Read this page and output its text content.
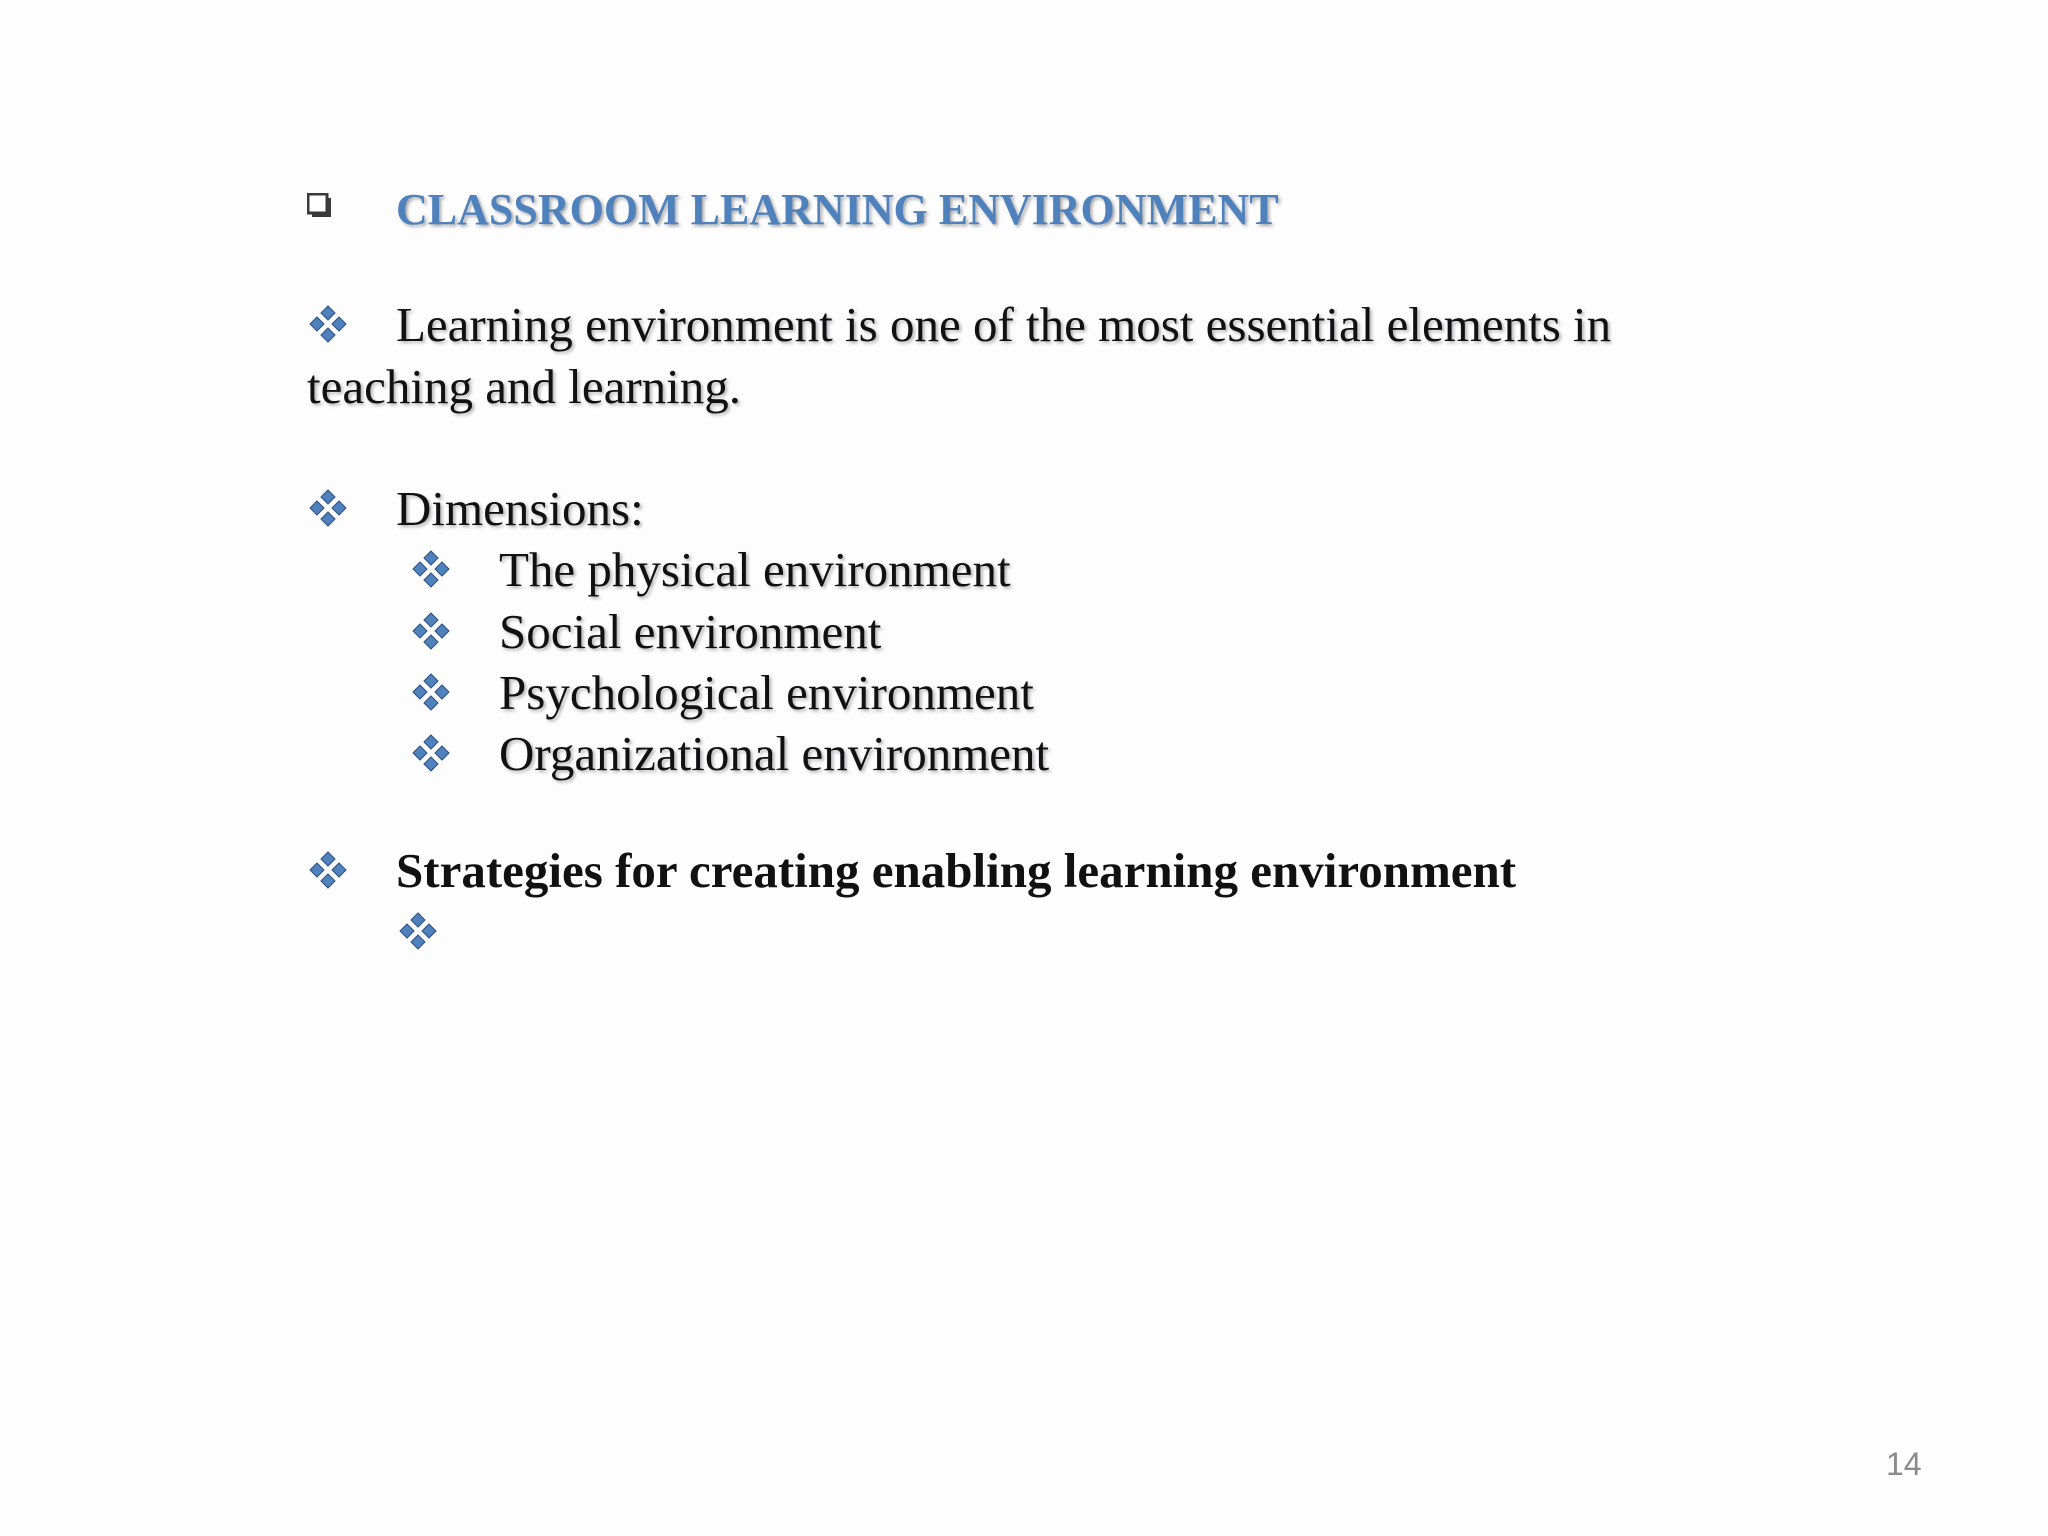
CLASSROOM LEARNING ENVIRONMENT
Learning environment is one of the most essential elements in
teaching and learning.
Dimensions:
The physical environment
Social environment
Psychological environment
Organizational environment
Strategies for creating enabling learning environment
14
